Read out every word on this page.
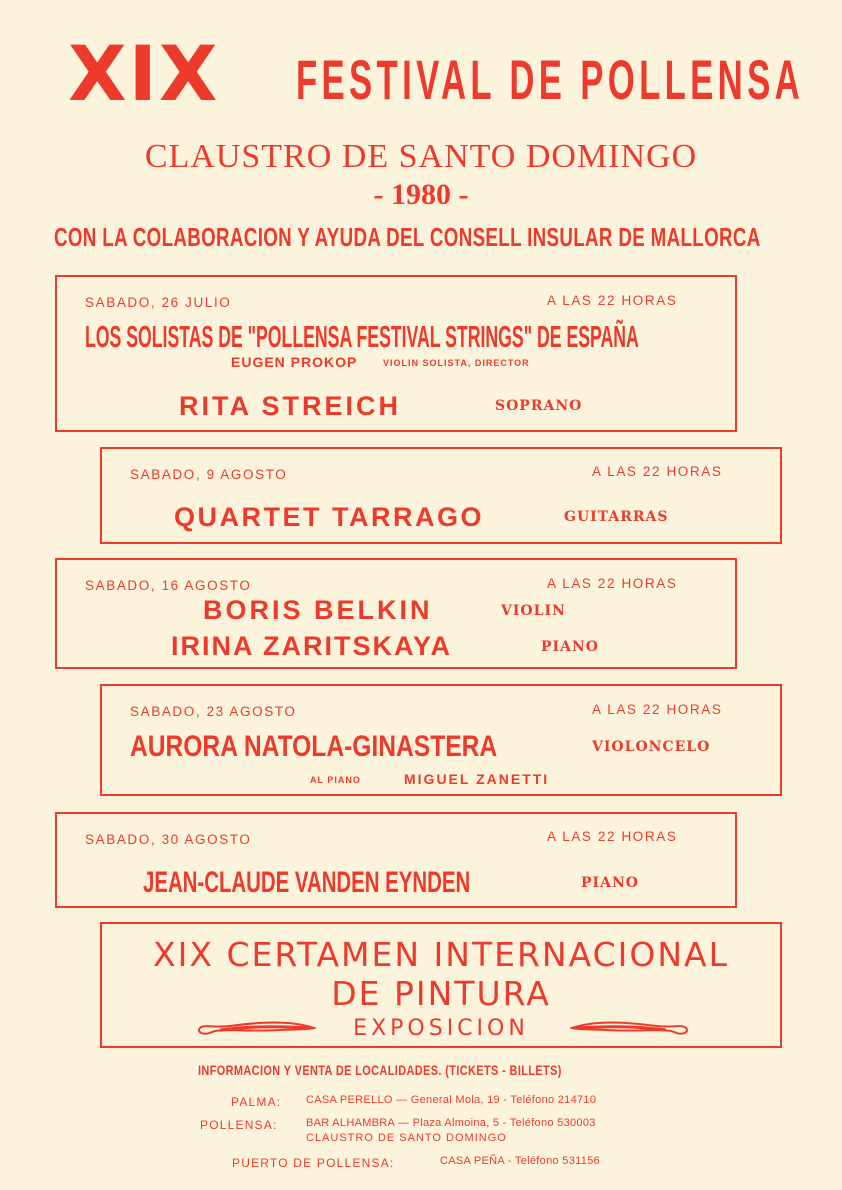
XIX FESTIVAL DE POLLENSA
CLAUSTRO DE SANTO DOMINGO
- 1980 -
CON LA COLABORACION Y AYUDA DEL CONSELL INSULAR DE MALLORCA
SABADO, 26 JULIO	A LAS 22 HORAS
LOS SOLISTAS DE "POLLENSA FESTIVAL STRINGS" DE ESPAÑA
EUGEN PROKOP	VIOLIN SOLISTA, DIRECTOR
RITA STREICH	SOPRANO
SABADO, 9 AGOSTO	A LAS 22 HORAS
QUARTET TARRAGO	GUITARRAS
SABADO, 16 AGOSTO	A LAS 22 HORAS
BORIS BELKIN	VIOLIN
IRINA ZARITSKAYA	PIANO
SABADO, 23 AGOSTO	A LAS 22 HORAS
AURORA NATOLA-GINASTERA	VIOLONCELO
AL PIANO	MIGUEL ZANETTI
SABADO, 30 AGOSTO	A LAS 22 HORAS
JEAN-CLAUDE VANDEN EYNDEN	PIANO
XIX CERTAMEN INTERNACIONAL
DE PINTURA
EXPOSICION
INFORMACION Y VENTA DE LOCALIDADES. (TICKETS - BILLETS)
PALMA: CASA PERELLO — General Mola, 19 - Teléfono 214710
POLLENSA:	BAR ALHAMBRA — Plaza Almoina, 5 - Teléfono 530003
CLAUSTRO DE SANTO DOMINGO
PUERTO DE POLLENSA:	CASA PEÑA - Teléfono 531156
